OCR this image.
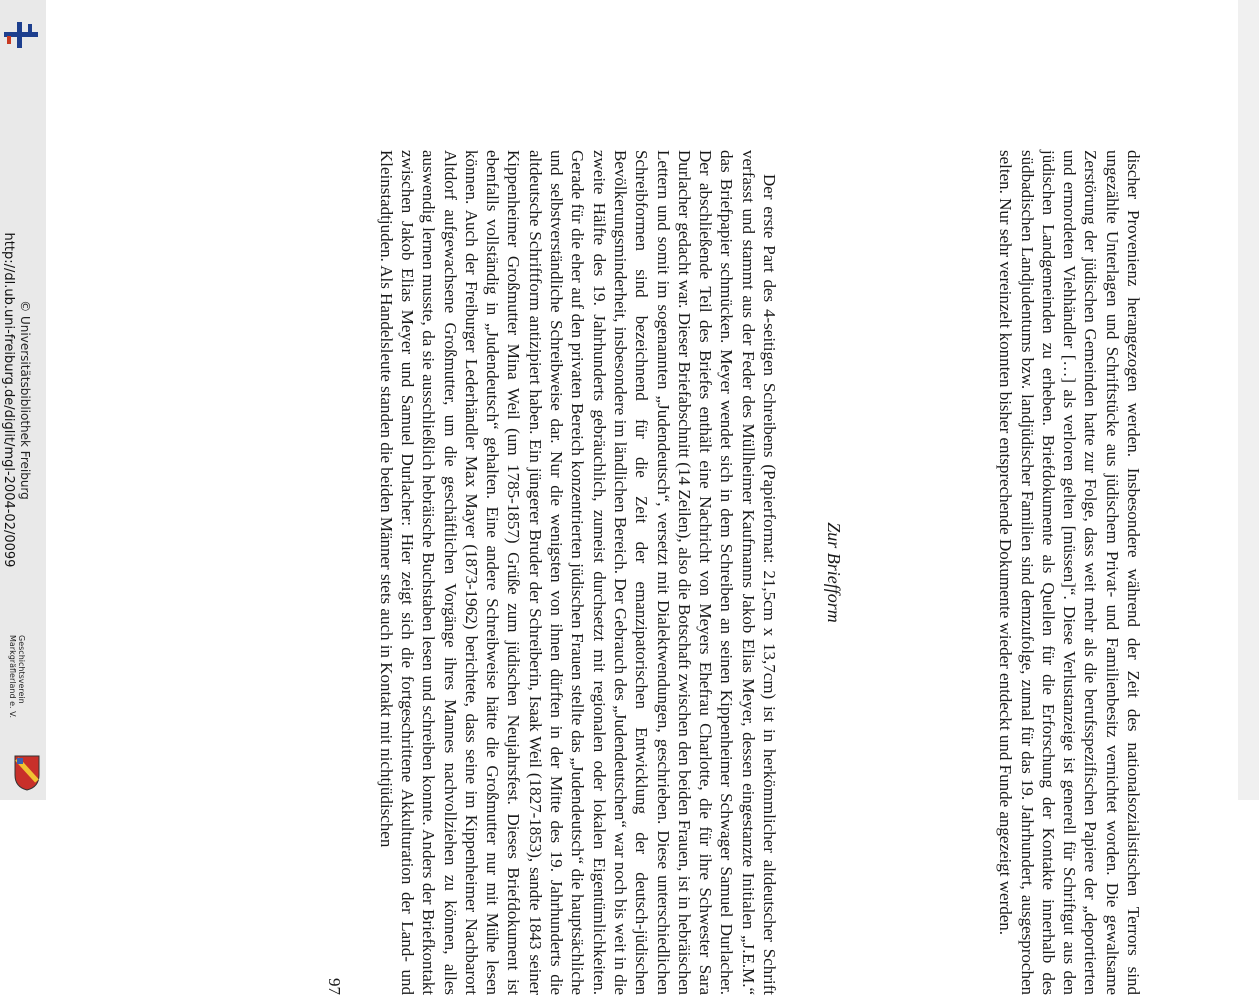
http://dl.ub.uni-freiburg.de/diglit/mgl-2004-02/0099 © Universitätsbibliothek Freiburg
Geschichtsverein
Markgräflerland e. V.	discher Provenienz herangezogen werden. Insbesondere während der Zeit des nationalsozialistischen Terrors sind ungezählte Unterlagen und Schriftstücke aus jüdischem Privat- und Familienbesitz vernichtet worden. Die gewaltsame Zerstörung der jüdischen Gemeinden hatte zur Folge, dass weit mehr als die berufsspezifischen Papiere der „deportierten und ermordeten Viehhändler […] als verloren gelten [müssen]“. Diese Verlustanzeige ist generell für Schriftgut aus den jüdischen Landgemeinden zu erheben. Briefdokumente als Quellen für die Erforschung der Kontakte innerhalb des südbadischen Landjudentums bzw. landjüdischer Familien sind demzufolge, zumal für das 19. Jahrhundert, ausgesprochen selten. Nur sehr vereinzelt konnten bisher entsprechende Dokumente wieder entdeckt und Funde angezeigt werden.

Zur Briefform

Der erste Part des 4-seitigen Schreibens (Papierformat: 21,5cm x 13,7cm) ist in herkömmlicher altdeutscher Schrift verfasst und stammt aus der Feder des Müllheimer Kaufmanns Jakob Elias Meyer, dessen eingestanzte Initialen „J.E.M.“ das Briefpapier schmücken. Meyer wendet sich in dem Schreiben an seinen Kippenheimer Schwager Samuel Durlacher. Der abschließende Teil des Briefes enthält eine Nachricht von Meyers Ehefrau Charlotte, die für ihre Schwester Sara Durlacher gedacht war. Dieser Briefabschnitt (14 Zeilen), also die Botschaft zwischen den beiden Frauen, ist in hebräischen Lettern und somit im sogenannten „Judendeutsch“, versetzt mit Dialektwendungen, geschrieben. Diese unterschiedlichen Schreibformen sind bezeichnend für die Zeit der emanzipatorischen Entwicklung der deutsch-jüdischen Bevölkerungsminderheit, insbesondere im ländlichen Bereich. Der Gebrauch des „Judendeutschen“ war noch bis weit in die zweite Hälfte des 19. Jahrhunderts gebräuchlich, zumeist durchsetzt mit regionalen oder lokalen Eigentümlichkeiten. Gerade für die eher auf den privaten Bereich konzentrierten jüdischen Frauen stellte das „Judendeutsch“ die hauptsächliche und selbstverständliche Schreibweise dar. Nur die wenigsten von ihnen dürften in der Mitte des 19. Jahrhunderts die altdeutsche Schriftform antizipiert haben. Ein jüngerer Bruder der Schreiberin, Isaak Weil (1827-1853), sandte 1843 seiner Kippenheimer Großmutter Mina Weil (um 1785-1857) Grüße zum jüdischen Neujahrsfest. Dieses Briefdokument ist ebenfalls vollständig in „Judendeutsch“ gehalten. Eine andere Schreibweise hätte die Großmutter nur mit Mühe lesen können. Auch der Freiburger Lederhändler Max Mayer (1873-1962) berichtete, dass seine im Kippenheimer Nachbarort Altdorf aufgewachsene Großmutter, um die geschäftlichen Vorgänge ihres Mannes nachvollziehen zu können, alles auswendig lernen musste, da sie ausschließlich hebräische Buchstaben lesen und schreiben konnte. Anders der Briefkontakt zwischen Jakob Elias Meyer und Samuel Durlacher: Hier zeigt sich die fortgeschrittene Akkulturation der Land- und Kleinstadtjuden. Als Handelsleute standen die beiden Männer stets auch in Kontakt mit nichtjüdischen

97
